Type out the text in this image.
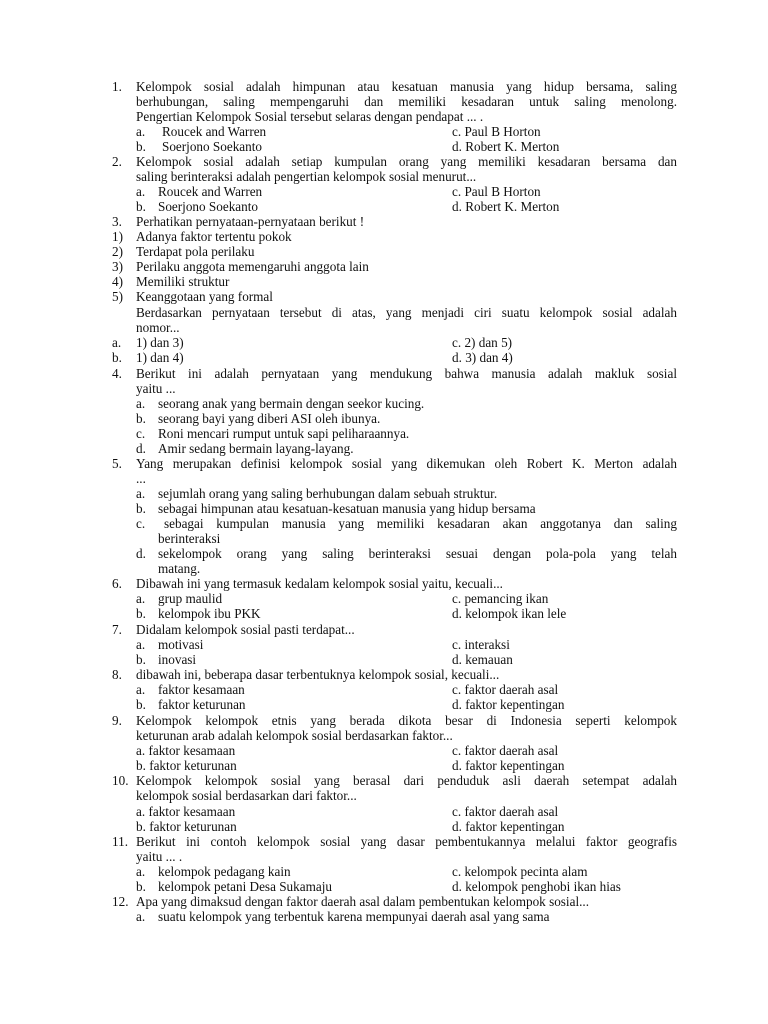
1. Kelompok sosial adalah himpunan atau kesatuan manusia yang hidup bersama, saling
berhubungan, saling mempengaruhi dan memiliki kesadaran untuk saling menolong.
Pengertian Kelompok Sosial tersebut selaras dengan pendapat ... .
a. Roucek and Warren	c. Paul B Horton
b. Soerjono Soekanto	d. Robert K. Merton
2. Kelompok sosial adalah setiap kumpulan orang yang memiliki kesadaran bersama dan
saling berinteraksi adalah pengertian kelompok sosial menurut...
a. Roucek and Warren	c. Paul B Horton
b. Soerjono Soekanto	d. Robert K. Merton
3. Perhatikan pernyataan-pernyataan berikut !
1) Adanya faktor tertentu pokok
2) Terdapat pola perilaku
3) Perilaku anggota memengaruhi anggota lain
4) Memiliki struktur
5) Keanggotaan yang formal
Berdasarkan pernyataan tersebut di atas, yang menjadi ciri suatu kelompok sosial adalah
nomor...
a. 1) dan 3)	c. 2) dan 5)
b. 1) dan 4)	d. 3) dan 4)
4. Berikut ini adalah pernyataan yang mendukung bahwa manusia adalah makluk sosial
yaitu ...
a. seorang anak yang bermain dengan seekor kucing.
b. seorang bayi yang diberi ASI oleh ibunya.
c. Roni mencari rumput untuk sapi peliharaannya.
d. Amir sedang bermain layang-layang.
5. Yang merupakan definisi kelompok sosial yang dikemukan oleh Robert K. Merton adalah
...
a. sejumlah orang yang saling berhubungan dalam sebuah struktur.
b. sebagai himpunan atau kesatuan-kesatuan manusia yang hidup bersama
c. sebagai kumpulan manusia yang memiliki kesadaran akan anggotanya dan saling
berinteraksi
d. sekelompok orang yang saling berinteraksi sesuai dengan pola-pola yang telah
matang.
6. Dibawah ini yang termasuk kedalam kelompok sosial yaitu, kecuali...
a. grup maulid	c. pemancing ikan
b. kelompok ibu PKK	d. kelompok ikan lele
7. Didalam kelompok sosial pasti terdapat...
a. motivasi	c. interaksi
b. inovasi	d. kemauan
8. dibawah ini, beberapa dasar terbentuknya kelompok sosial, kecuali...
a. faktor kesamaan	c. faktor daerah asal
b. faktor keturunan	d. faktor kepentingan
9. Kelompok kelompok etnis yang berada dikota besar di Indonesia seperti kelompok
keturunan arab adalah kelompok sosial berdasarkan faktor...
a. faktor kesamaan	c. faktor daerah asal
b. faktor keturunan	d. faktor kepentingan
10. Kelompok kelompok sosial yang berasal dari penduduk asli daerah setempat adalah
kelompok sosial berdasarkan dari faktor...
a. faktor kesamaan	c. faktor daerah asal
b. faktor keturunan	d. faktor kepentingan
11. Berikut ini contoh kelompok sosial yang dasar pembentukannya melalui faktor geografis
yaitu ... .
a. kelompok pedagang kain	c. kelompok pecinta alam
b. kelompok petani Desa Sukamaju	d. kelompok penghobi ikan hias
12. Apa yang dimaksud dengan faktor daerah asal dalam pembentukan kelompok sosial...
a. suatu kelompok yang terbentuk karena mempunyai daerah asal yang sama
